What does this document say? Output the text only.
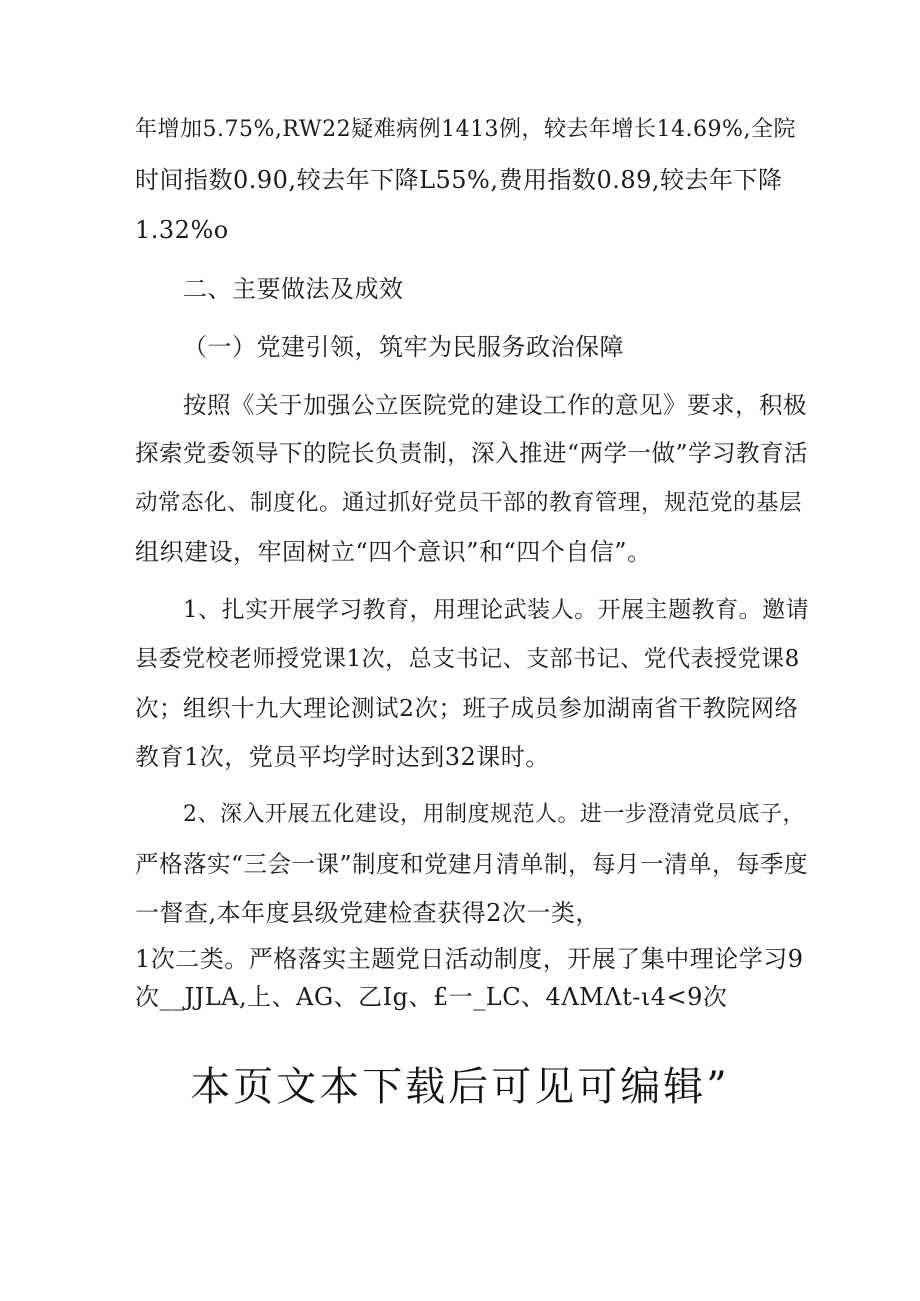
年增加5.75%,RW22疑难病例1413例，较去年增长14.69%,全院
时间指数0.90,较去年下降L55%,费用指数0.89,较去年下降
1.32%o
二、主要做法及成效
（一）党建引领，筑牢为民服务政治保障
按照《关于加强公立医院党的建设工作的意见》要求，积极
探索党委领导下的院长负责制，深入推进“两学一做”学习教育活
动常态化、制度化。通过抓好党员干部的教育管理，规范党的基层
组织建设，牢固树立“四个意识”和“四个自信”。
1、扎实开展学习教育，用理论武装人。开展主题教育。邀请
县委党校老师授党课1次，总支书记、支部书记、党代表授党课8
次；组织十九大理论测试2次；班子成员参加湖南省干教院网络
教育1次，党员平均学时达到32课时。
2、深入开展五化建设，用制度规范人。进一步澄清党员底子，
严格落实“三会一课”制度和党建月清单制，每月一清单，每季度
一督查,本年度县级党建检查获得2次一类，
1次二类。严格落实主题党日活动制度，开展了集中理论学习9
次__JJLA,上、AG、乙Ig、£一_LC、4ΛMΛt-ι4<9次
本页文本下载后可见可编辑”
